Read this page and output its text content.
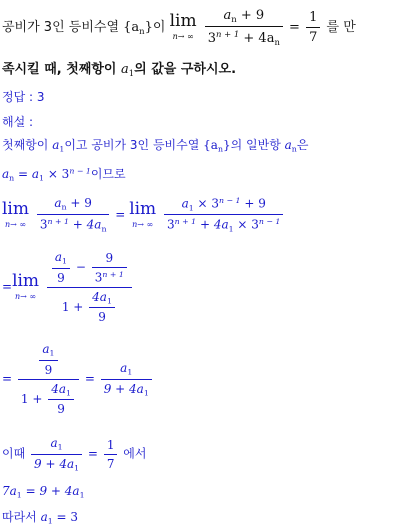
공비가 3인 등비수열 $\{a_n\}$이 lim
n→ ∞
$\frac{a_n + 9}{3^{n + 1} + 4a_n} = \frac{1}{7}$ 를 만
족시킬 때, 첫째항이 $a_1$의 값을 구하시오.
정답 : 3
해설 :
첫째항이 $a_1$이고 공비가 3인 등비수열 $\{a_n\}$의 일반항 $a_n$은
$a_n = a_1 \times 3^{n - 1}$이므로
lim
n→ ∞
$\frac{a_n + 9}{3^{n + 1} + 4a_n} = \lim$
n→ ∞
$\frac{a_1 \times 3^{n - 1} + 9}{3^{n + 1} + 4a_1 \times 3^{n - 1}}$
= lim
n→ ∞
$\frac{\frac{a_1}{9} - \frac{9}{3^{n + 1}}}{1 + \frac{4a_1}{9}}$
= $\frac{\frac{a_1}{9}}{1 + \frac{4a_1}{9}} = \frac{a_1}{9 + 4a_1}$
이때 $\frac{a_1}{9 + 4a_1} = \frac{1}{7}$ 에서
$7a_1 = 9 + 4a_1$
따라서 $a_1 = 3$
